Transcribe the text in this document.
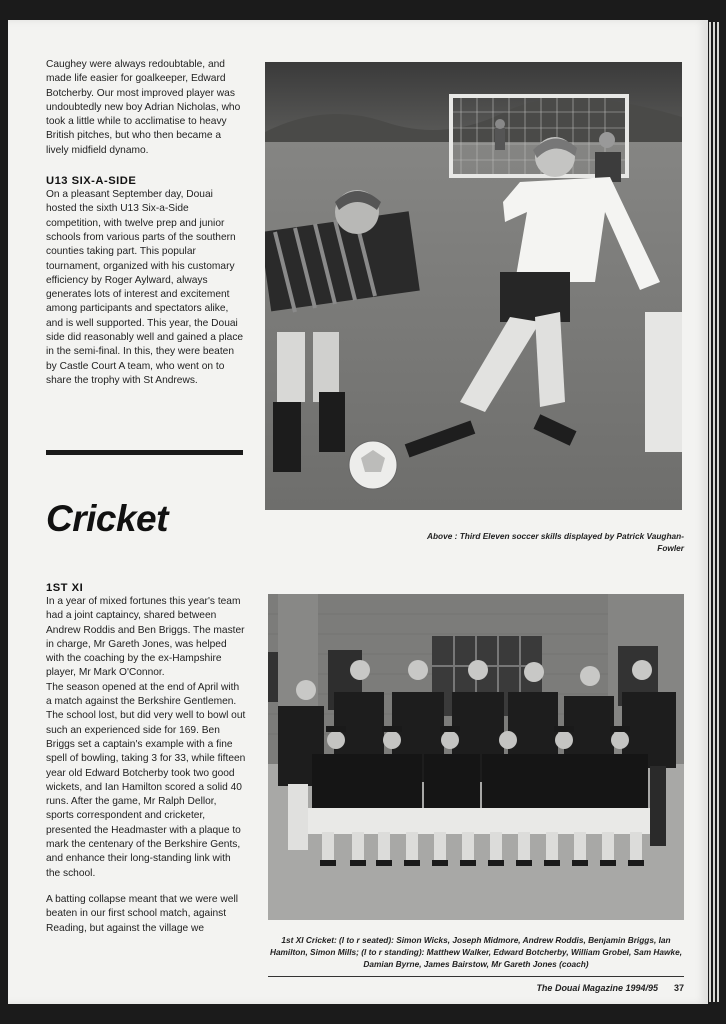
Caughey were always redoubtable, and made life easier for goalkeeper, Edward Botcherby. Our most improved player was undoubtedly new boy Adrian Nicholas, who took a little while to acclimatise to heavy British pitches, but who then became a lively midfield dynamo.

U13 SIX-A-SIDE

On a pleasant September day, Douai hosted the sixth U13 Six-a-Side competition, with twelve prep and junior schools from various parts of the southern counties taking part. This popular tournament, organized with his customary efficiency by Roger Aylward, always generates lots of interest and excitement among participants and spectators alike, and is well supported. This year, the Douai side did reasonably well and gained a place in the semi-final. In this, they were beaten by Castle Court A team, who went on to share the trophy with St Andrews.

Cricket
1ST XI

In a year of mixed fortunes this year's team had a joint captaincy, shared between Andrew Roddis and Ben Briggs. The master in charge, Mr Gareth Jones, was helped with the coaching by the ex-Hampshire player, Mr Mark O'Connor.

The season opened at the end of April with a match against the Berkshire Gentlemen. The school lost, but did very well to bowl out such an experienced side for 169. Ben Briggs set a captain's example with a fine spell of bowling, taking 3 for 33, while fifteen year old Edward Botcherby took two good wickets, and Ian Hamilton scored a solid 40 runs. After the game, Mr Ralph Dellor, sports correspondent and cricketer, presented the Headmaster with a plaque to mark the centenary of the Berkshire Gents, and enhance their long-standing link with the school.

A batting collapse meant that we were well beaten in our first school match, against Reading, but against the village we

Above : Third Eleven soccer skills displayed by Patrick Vaughan-Fowler
1st XI Cricket: (l to r seated): Simon Wicks, Joseph Midmore, Andrew Roddis, Benjamin Briggs, Ian Hamilton, Simon Mills; (l to r standing): Matthew Walker, Edward Botcherby, William Grobel, Sam Hawke, Damian Byrne, James Bairstow, Mr Gareth Jones (coach)
The Douai Magazine 1994/95 37
